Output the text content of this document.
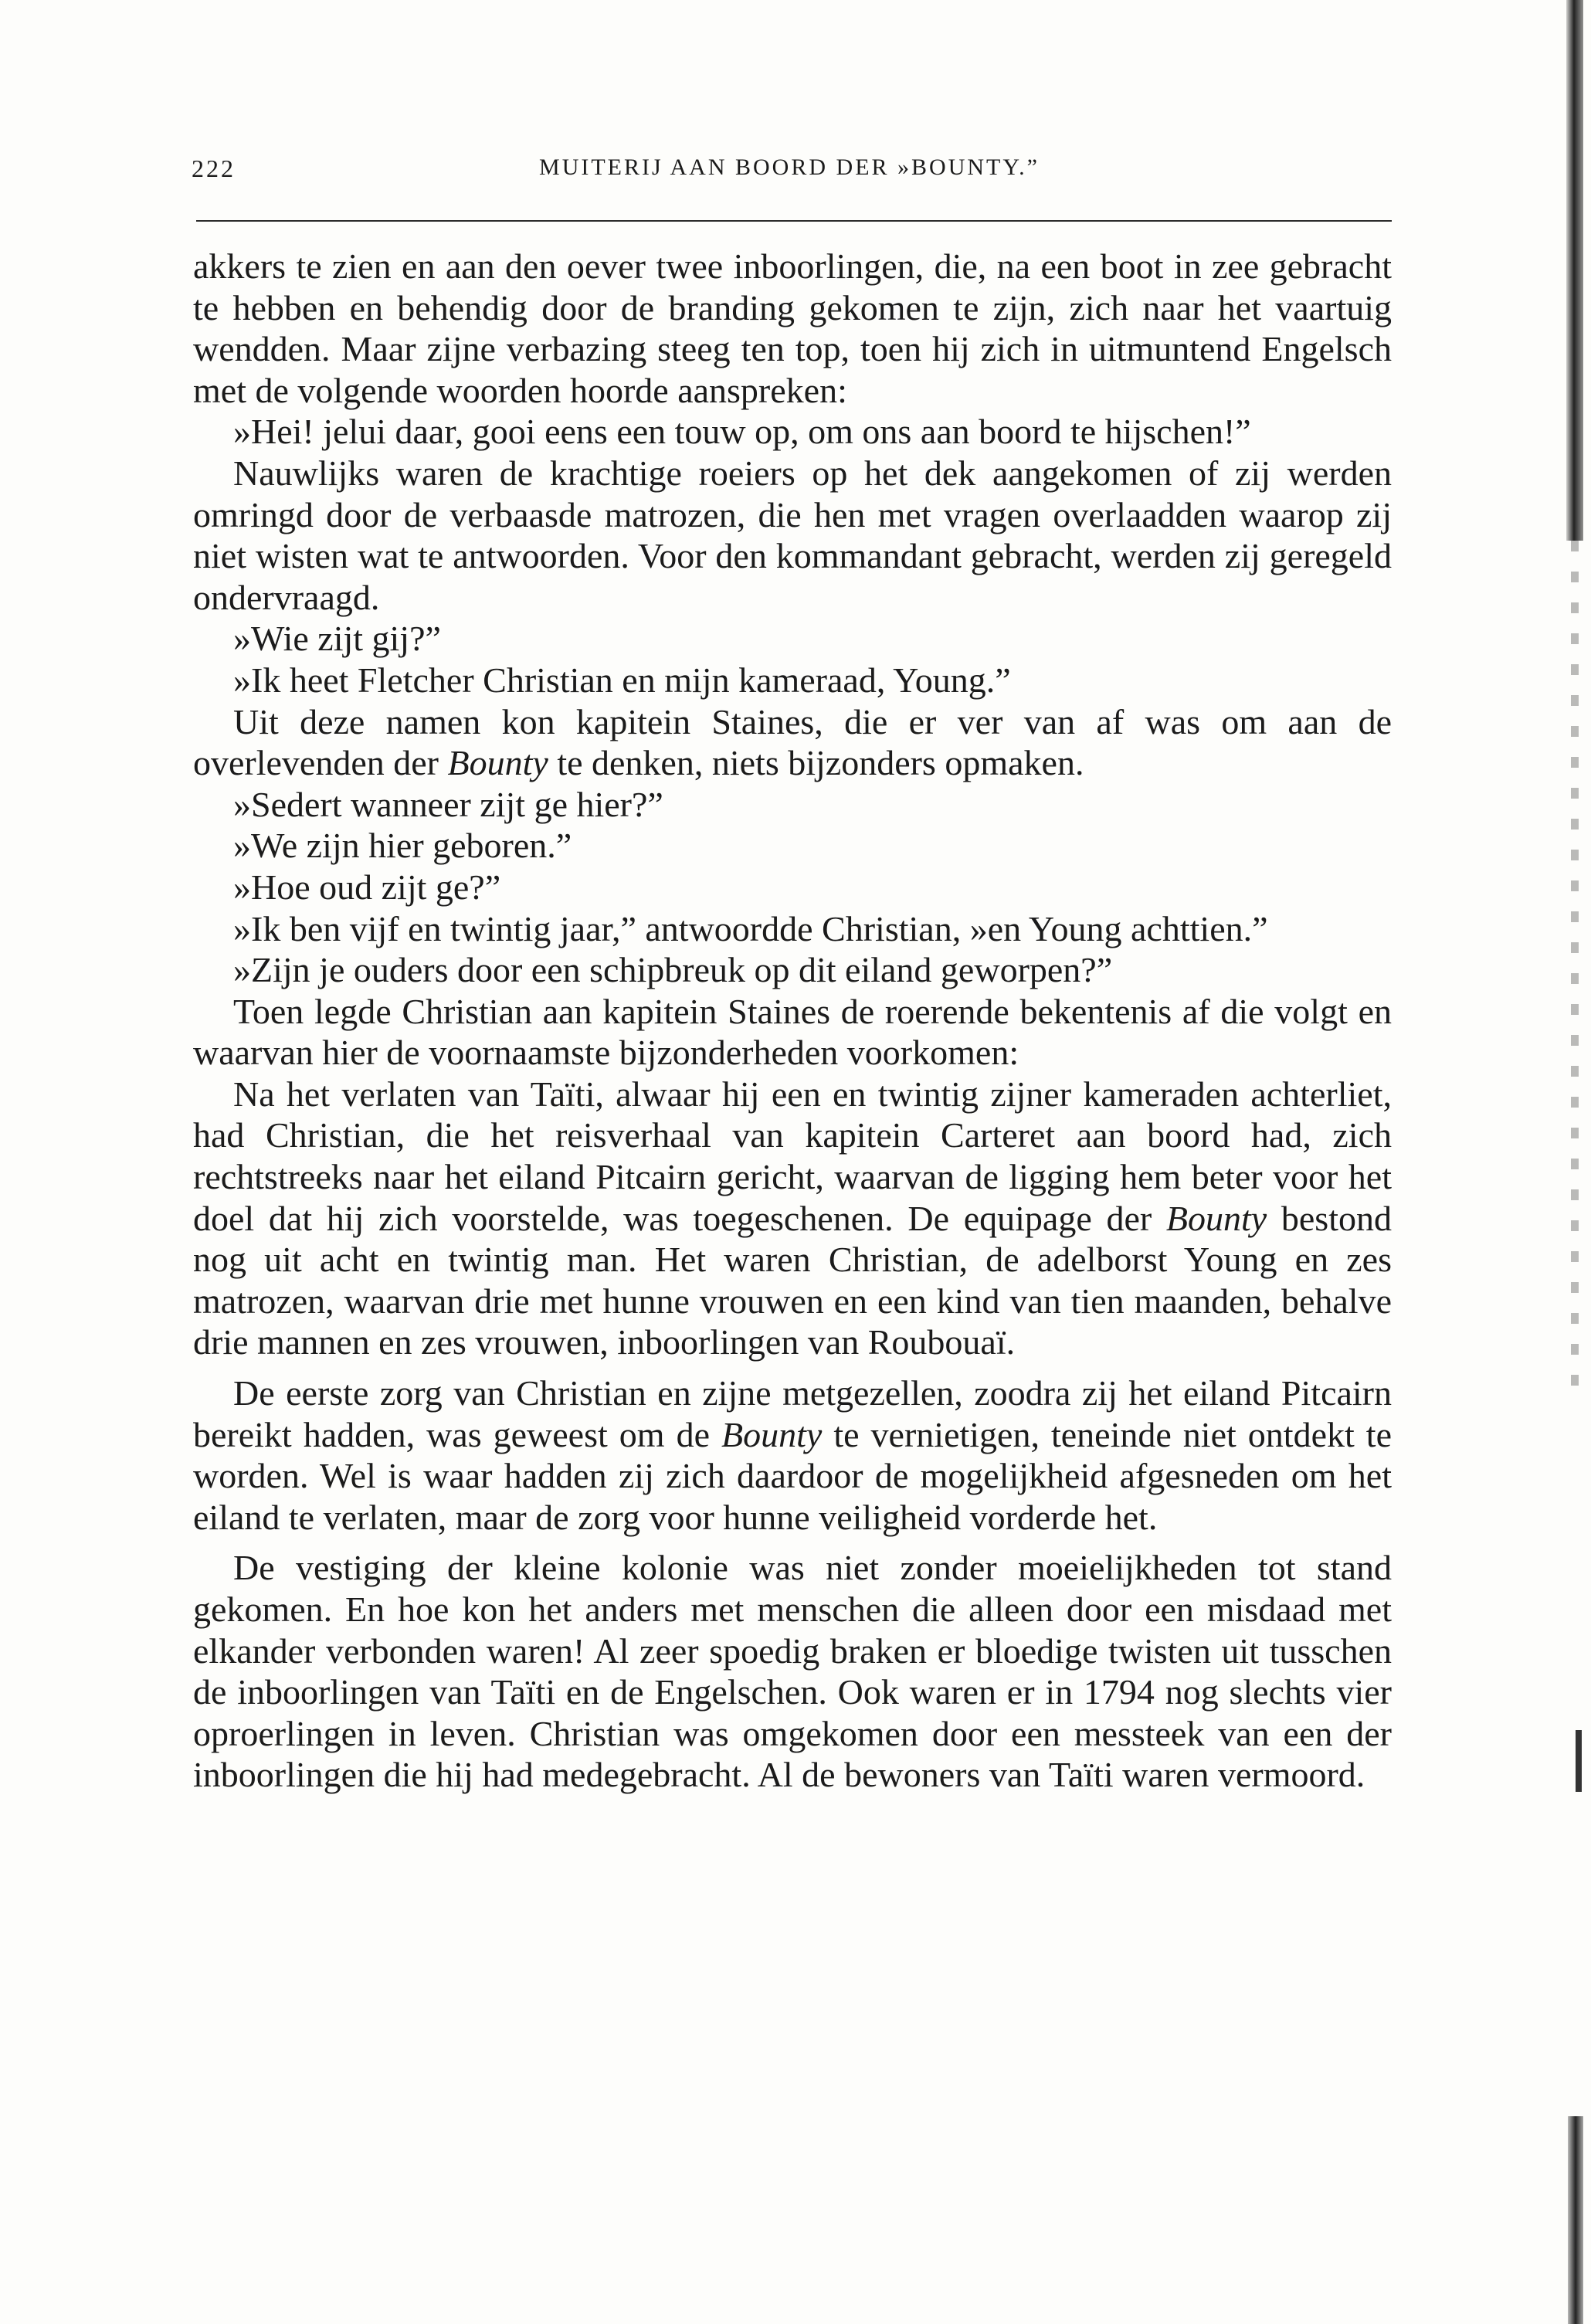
222	MUITERIJ AAN BOORD DER »BOUNTY.”

akkers te zien en aan den oever twee inboorlingen, die, na een boot in zee gebracht te hebben en behendig door de branding gekomen te zijn, zich naar het vaartuig wendden. Maar zijne verbazing steeg ten top, toen hij zich in uitmuntend Engelsch met de volgende woorden hoorde aanspreken:

»Hei! jelui daar, gooi eens een touw op, om ons aan boord te hijschen!”

Nauwlijks waren de krachtige roeiers op het dek aangekomen of zij werden omringd door de verbaasde matrozen, die hen met vragen overlaadden waarop zij niet wisten wat te antwoorden. Voor den kommandant gebracht, werden zij geregeld ondervraagd.

»Wie zijt gij?”

»Ik heet Fletcher Christian en mijn kameraad, Young.”

Uit deze namen kon kapitein Staines, die er ver van af was om aan de overlevenden der Bounty te denken, niets bijzonders opmaken.

»Sedert wanneer zijt ge hier?”

»We zijn hier geboren.”

»Hoe oud zijt ge?”

»Ik ben vijf en twintig jaar,” antwoordde Christian, »en Young achttien.”

»Zijn je ouders door een schipbreuk op dit eiland geworpen?”

Toen legde Christian aan kapitein Staines de roerende bekentenis af die volgt en waarvan hier de voornaamste bijzonderheden voorkomen:

Na het verlaten van Taïti, alwaar hij een en twintig zijner kameraden achterliet, had Christian, die het reisverhaal van kapitein Carteret aan boord had, zich rechtstreeks naar het eiland Pitcairn gericht, waarvan de ligging hem beter voor het doel dat hij zich voorstelde, was toegeschenen. De equipage der Bounty bestond nog uit acht en twintig man. Het waren Christian, de adelborst Young en zes matrozen, waarvan drie met hunne vrouwen en een kind van tien maanden, behalve drie mannen en zes vrouwen, inboorlingen van Roubouaï.

De eerste zorg van Christian en zijne metgezellen, zoodra zij het eiland Pitcairn bereikt hadden, was geweest om de Bounty te vernietigen, teneinde niet ontdekt te worden. Wel is waar hadden zij zich daardoor de mogelijkheid afgesneden om het eiland te verlaten, maar de zorg voor hunne veiligheid vorderde het.

De vestiging der kleine kolonie was niet zonder moeielijkheden tot stand gekomen. En hoe kon het anders met menschen die alleen door een misdaad met elkander verbonden waren! Al zeer spoedig braken er bloedige twisten uit tusschen de inboorlingen van Taïti en de Engelschen. Ook waren er in 1794 nog slechts vier oproerlingen in leven. Christian was omgekomen door een messteek van een der inboorlingen die hij had medegebracht. Al de bewoners van Taïti waren vermoord.
